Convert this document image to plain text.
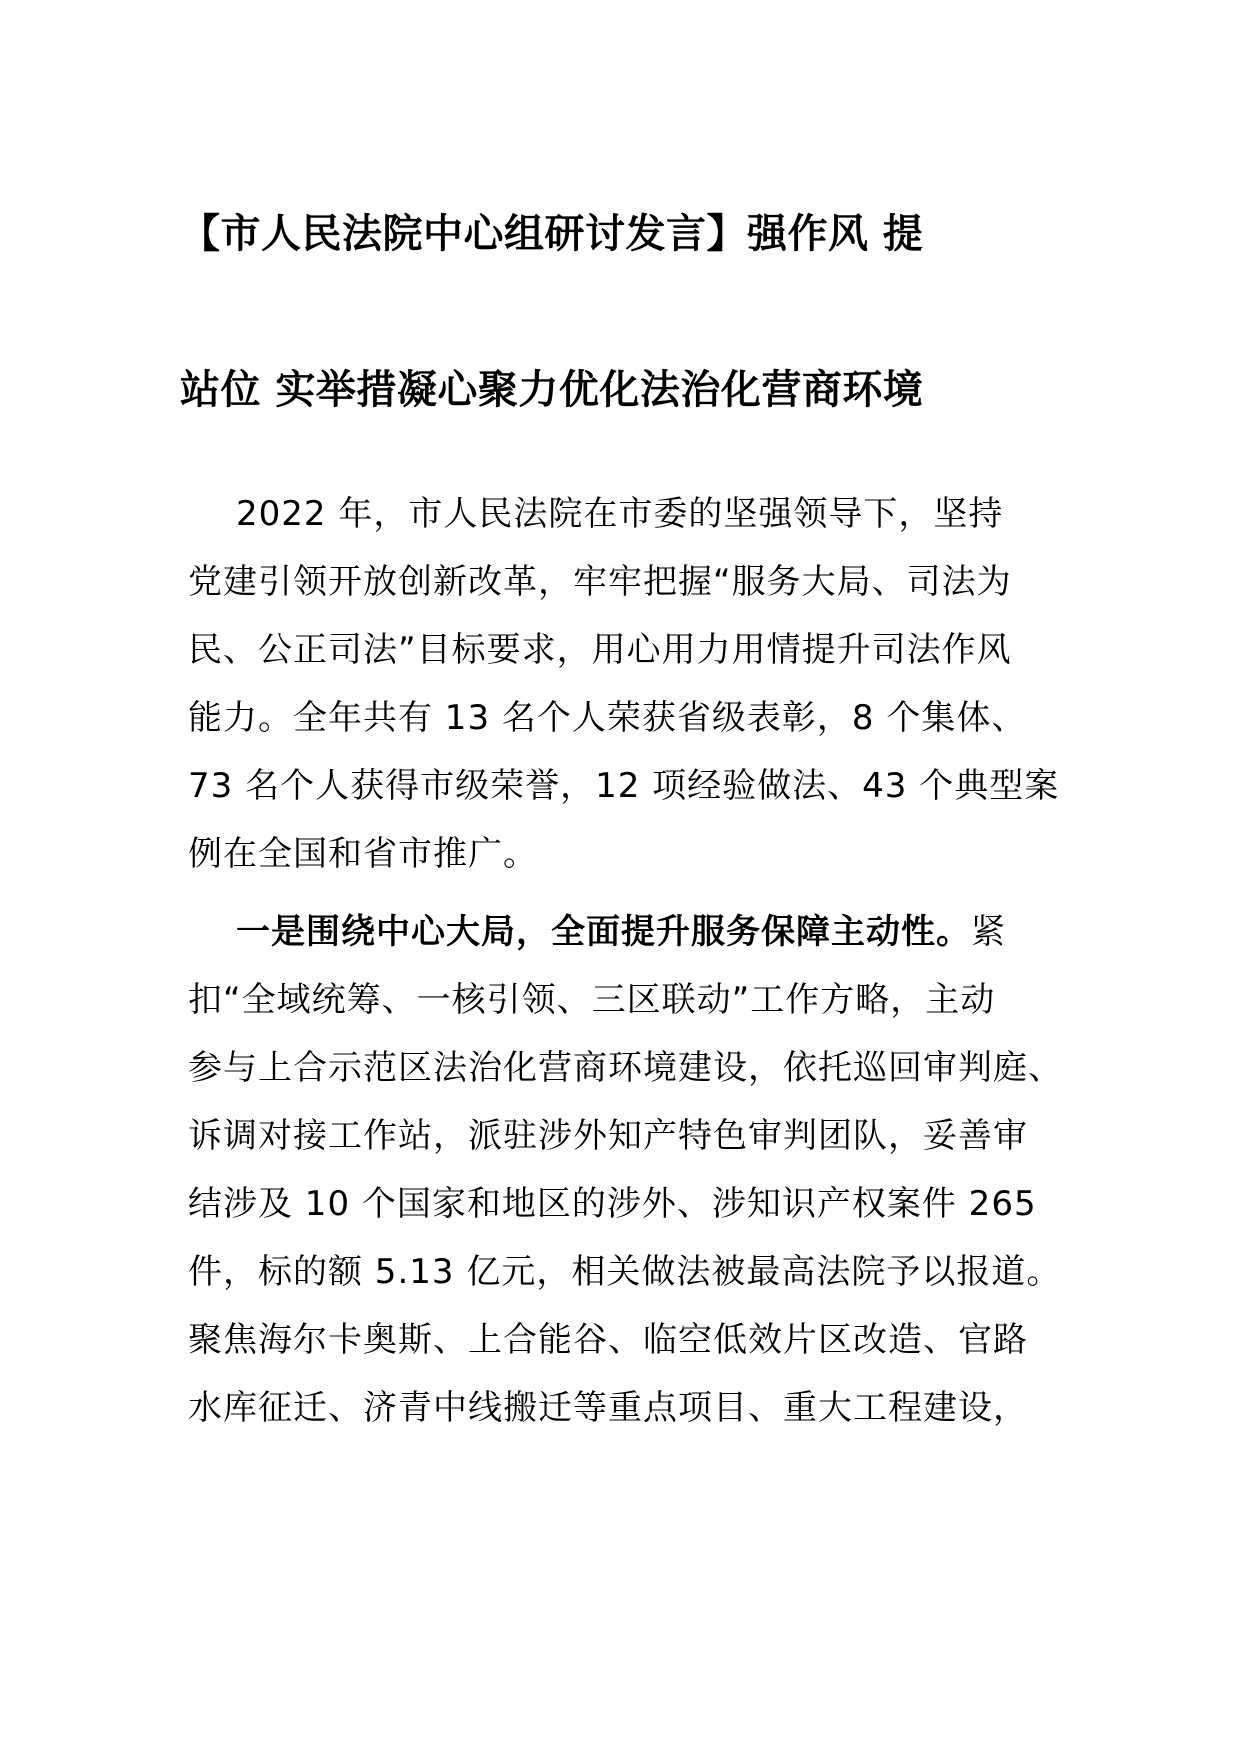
【市人民法院中心组研讨发言】强作风 提
站位 实举措凝心聚力优化法治化营商环境

2022 年，市人民法院在市委的坚强领导下，坚持

党建引领开放创新改革，牢牢把握“服务大局、司法为

民、公正司法”目标要求，用心用力用情提升司法作风

能力。全年共有 13 名个人荣获省级表彰，8 个集体、

73 名个人获得市级荣誉，12 项经验做法、43 个典型案

例在全国和省市推广。

一是围绕中心大局，全面提升服务保障主动性。紧

扣“全域统筹、一核引领、三区联动”工作方略，主动

参与上合示范区法治化营商环境建设，依托巡回审判庭、

诉调对接工作站，派驻涉外知产特色审判团队，妥善审

结涉及 10 个国家和地区的涉外、涉知识产权案件 265

件，标的额 5.13 亿元，相关做法被最高法院予以报道。

聚焦海尔卡奥斯、上合能谷、临空低效片区改造、官路

水库征迁、济青中线搬迁等重点项目、重大工程建设，
